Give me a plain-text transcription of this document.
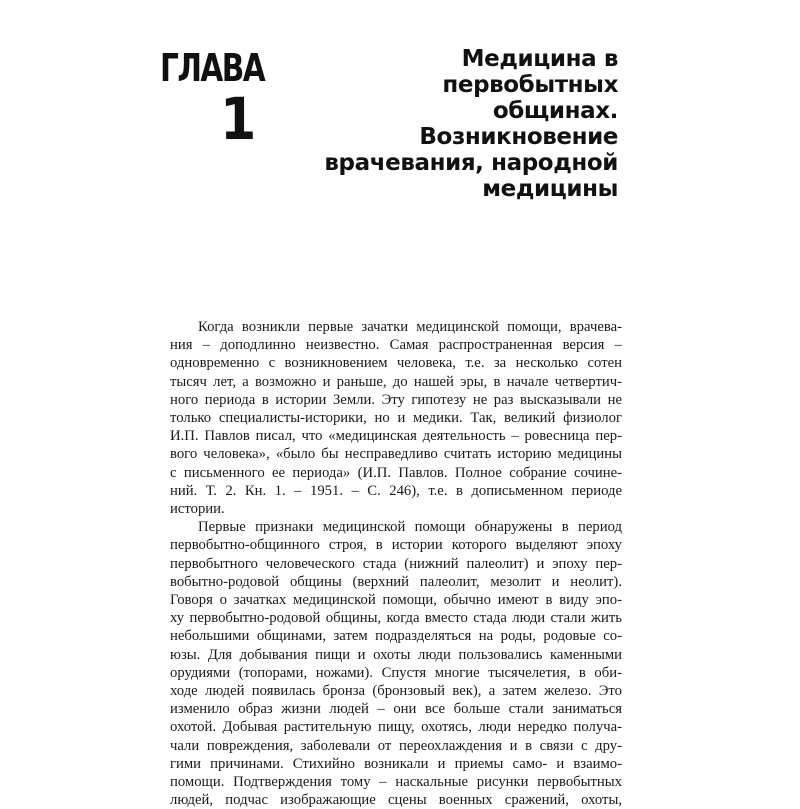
ГЛАВА
1
Медицина в первобытных
общинах. Возникновение
врачевания, народной
медицины
Когда возникли первые зачатки медицинской помощи, врачева-
ния – доподлинно неизвестно. Самая распространенная версия –
одновременно с возникновением человека, т.е. за несколько сотен
тысяч лет, а возможно и раньше, до нашей эры, в начале четвертич-
ного периода в истории Земли. Эту гипотезу не раз высказывали не
только специалисты-историки, но и медики. Так, великий физиолог
И.П. Павлов писал, что «медицинская деятельность – ровесница пер-
вого человека», «было бы несправедливо считать историю медицины
с письменного ее периода» (И.П. Павлов. Полное собрание сочине-
ний. Т. 2. Кн. 1. – 1951. – С. 246), т.е. в дописьменном периоде
истории.
Первые признаки медицинской помощи обнаружены в период
первобытно-общинного строя, в истории которого выделяют эпоху
первобытного человеческого стада (нижний палеолит) и эпоху пер-
вобытно-родовой общины (верхний палеолит, мезолит и неолит).
Говоря о зачатках медицинской помощи, обычно имеют в виду эпо-
ху первобытно-родовой общины, когда вместо стада люди стали жить
небольшими общинами, затем подразделяться на роды, родовые со-
юзы. Для добывания пищи и охоты люди пользовались каменными
орудиями (топорами, ножами). Спустя многие тысячелетия, в оби-
ходе людей появилась бронза (бронзовый век), а затем железо. Это
изменило образ жизни людей – они все больше стали заниматься
охотой. Добывая растительную пищу, охотясь, люди нередко получа-
чали повреждения, заболевали от переохлаждения и в связи с дру-
гими причинами. Стихийно возникали и приемы само- и взаимо-
помощи. Подтверждения тому – наскальные рисунки первобытных
людей, подчас изображающие сцены военных сражений, охоты,
